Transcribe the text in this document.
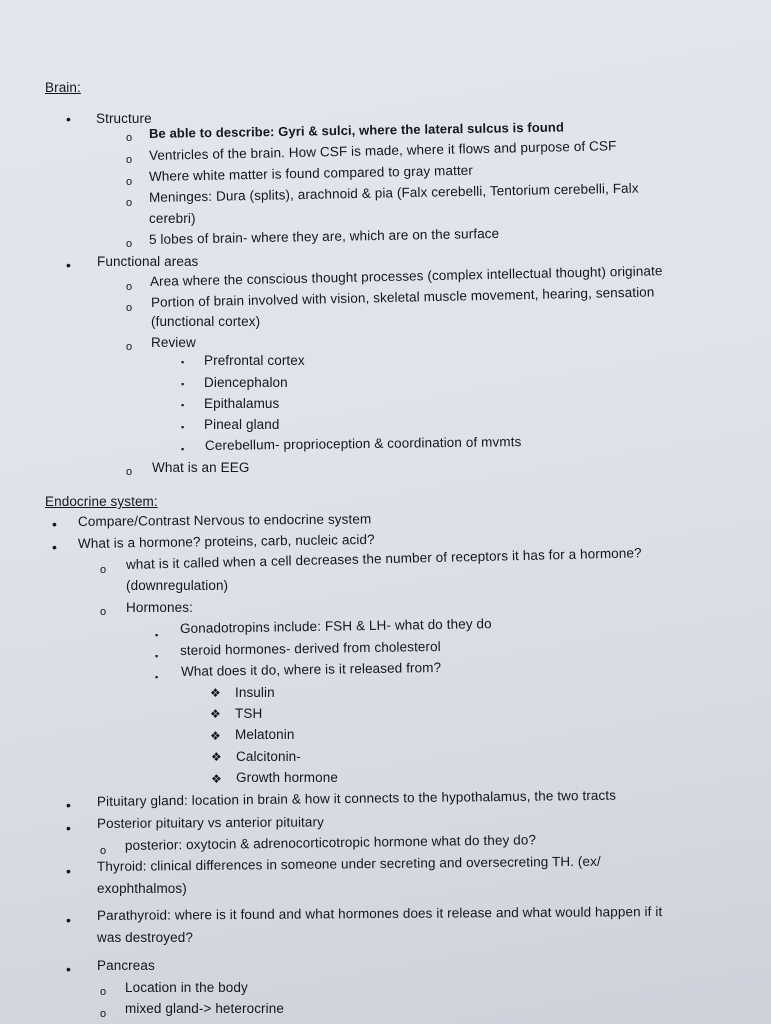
Brain:
• Structure
o Be able to describe: Gyri & sulci, where the lateral sulcus is found
o Ventricles of the brain. How CSF is made, where it flows and purpose of CSF
o Where white matter is found compared to gray matter
o Meninges: Dura (splits), arachnoid & pia (Falx cerebelli, Tentorium cerebelli, Falx
cerebri)
o 5 lobes of brain- where they are, which are on the surface
• Functional areas
o Area where the conscious thought processes (complex intellectual thought) originate
o Portion of brain involved with vision, skeletal muscle movement, hearing, sensation
(functional cortex)
o Review
▪ Prefrontal cortex
▪ Diencephalon
▪ Epithalamus
▪ Pineal gland
▪ Cerebellum- proprioception & coordination of mvmts
o What is an EEG
Endocrine system:
• Compare/Contrast Nervous to endocrine system
• What is a hormone? proteins, carb, nucleic acid?
o what is it called when a cell decreases the number of receptors it has for a hormone?
(downregulation)
o Hormones:
▪ Gonadotropins include: FSH & LH- what do they do
▪ steroid hormones- derived from cholesterol
▪ What does it do, where is it released from?
❖ Insulin
❖ TSH
❖ Melatonin
❖ Calcitonin-
❖ Growth hormone
• Pituitary gland: location in brain & how it connects to the hypothalamus, the two tracts
• Posterior pituitary vs anterior pituitary
o posterior: oxytocin & adrenocorticotropic hormone what do they do?
• Thyroid: clinical differences in someone under secreting and oversecreting TH. (ex/
exophthalmos)
• Parathyroid: where is it found and what hormones does it release and what would happen if it
was destroyed?
• Pancreas
o Location in the body
o mixed gland-> heterocrine
